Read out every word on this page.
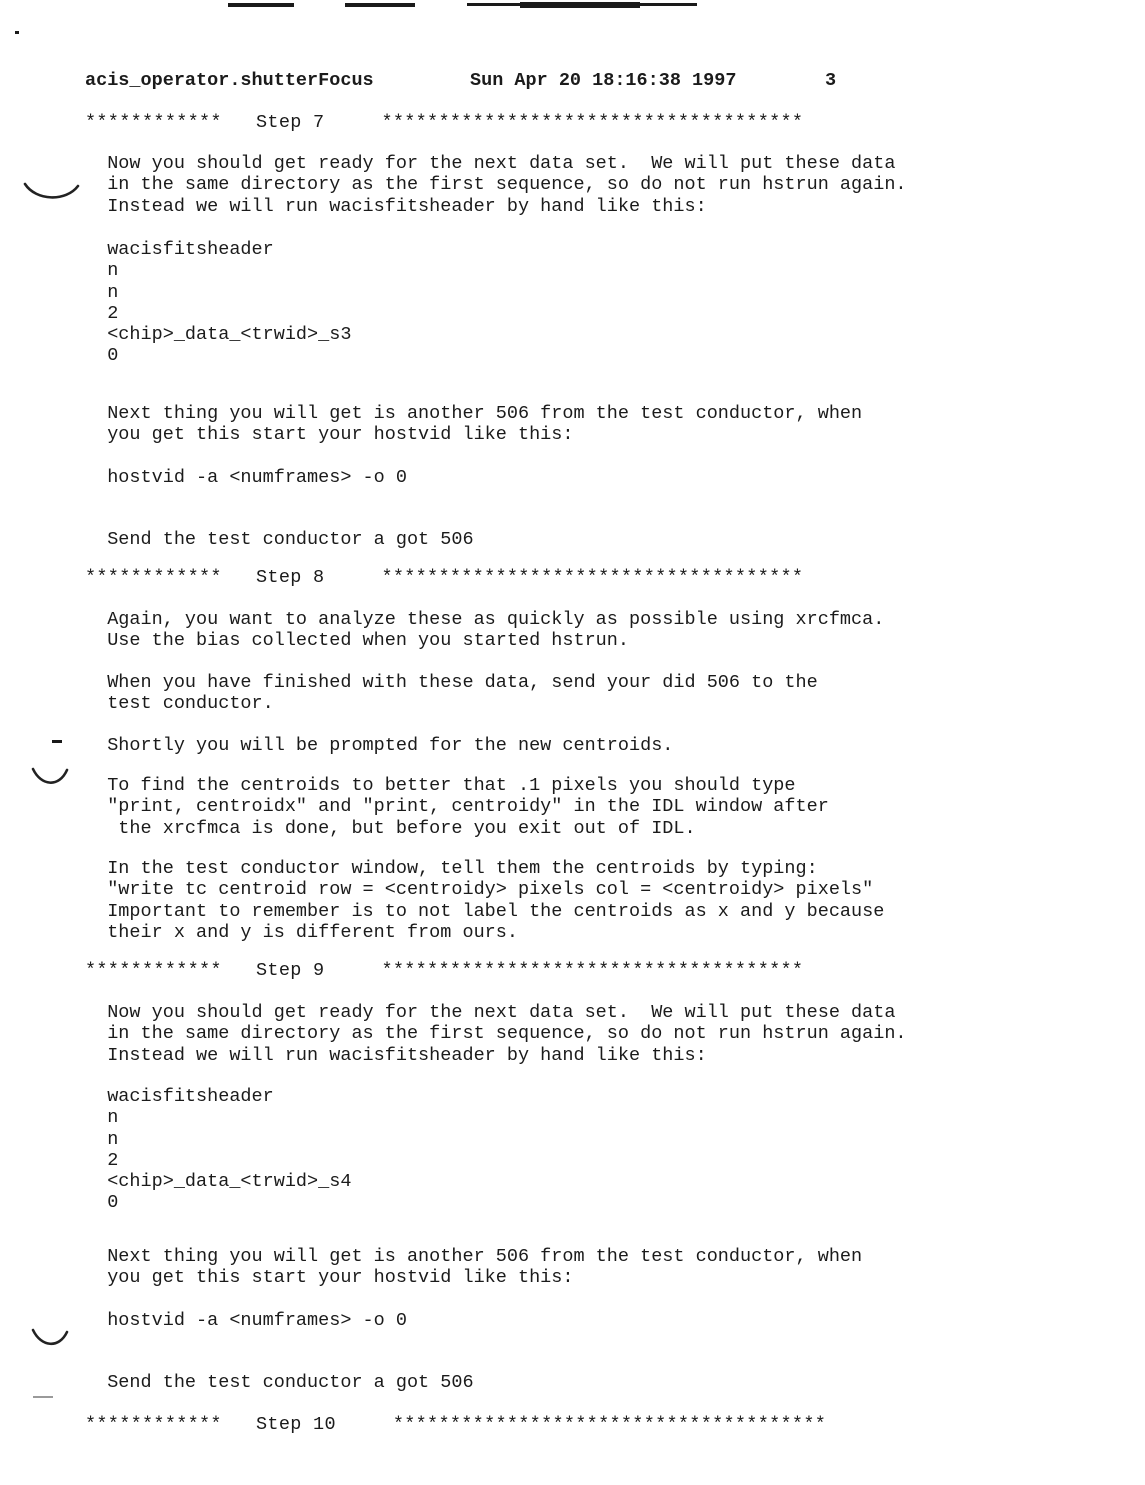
acis_operator.shutterFocus

	Sun Apr 20 18:16:38 1997

	3

************   Step 7     *************************************
Now you should get ready for the next data set.  We will put these data
in the same directory as the first sequence, so do not run hstrun again.
Instead we will run wacisfitsheader by hand like this:
wacisfitsheader
n
n
2
<chip>_data_<trwid>_s3
0
Next thing you will get is another 506 from the test conductor, when
you get this start your hostvid like this:
hostvid -a <numframes> -o 0
Send the test conductor a got 506
************   Step 8     *************************************
Again, you want to analyze these as quickly as possible using xrcfmca.
Use the bias collected when you started hstrun.
When you have finished with these data, send your did 506 to the
test conductor.
Shortly you will be prompted for the new centroids.
To find the centroids to better that .1 pixels you should type
"print, centroidx" and "print, centroidy" in the IDL window after
the xrcfmca is done, but before you exit out of IDL.
In the test conductor window, tell them the centroids by typing:
"write tc centroid row = <centroidy> pixels col = <centroidy> pixels"
Important to remember is to not label the centroids as x and y because
their x and y is different from ours.
************   Step 9     *************************************
Now you should get ready for the next data set.  We will put these data
in the same directory as the first sequence, so do not run hstrun again.
Instead we will run wacisfitsheader by hand like this:
wacisfitsheader
n
n
2
<chip>_data_<trwid>_s4
0
Next thing you will get is another 506 from the test conductor, when
you get this start your hostvid like this:
hostvid -a <numframes> -o 0
Send the test conductor a got 506
************   Step 10     **************************************
